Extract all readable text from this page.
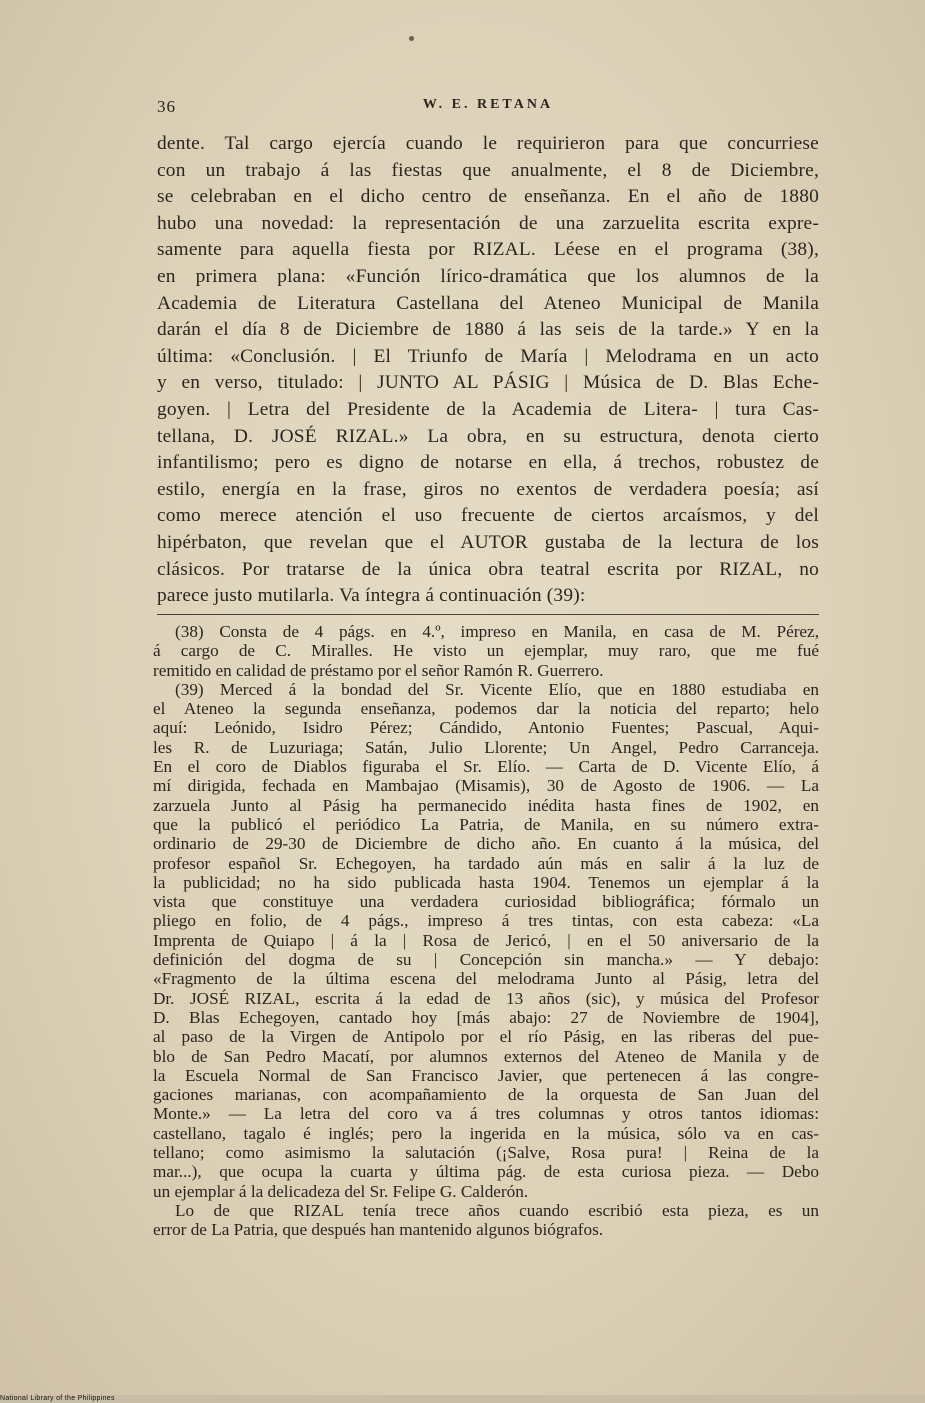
36	W. E. RETANA
dente. Tal cargo ejercía cuando le requirieron para que concurriese
con un trabajo á las fiestas que anualmente, el 8 de Diciembre,
se celebraban en el dicho centro de enseñanza. En el año de 1880
hubo una novedad: la representación de una zarzuelita escrita expre-
samente para aquella fiesta por RIZAL. Léese en el programa (38),
en primera plana: «Función lírico-dramática que los alumnos de la
Academia de Literatura Castellana del Ateneo Municipal de Manila
darán el día 8 de Diciembre de 1880 á las seis de la tarde.» Y en la
última: «Conclusión. | El Triunfo de María | Melodrama en un acto
y en verso, titulado: | JUNTO AL PÁSIG | Música de D. Blas Eche-
goyen. | Letra del Presidente de la Academia de Litera- | tura Cas-
tellana, D. JOSÉ RIZAL.» La obra, en su estructura, denota cierto
infantilismo; pero es digno de notarse en ella, á trechos, robustez de
estilo, energía en la frase, giros no exentos de verdadera poesía; así
como merece atención el uso frecuente de ciertos arcaísmos, y del
hipérbaton, que revelan que el AUTOR gustaba de la lectura de los
clásicos. Por tratarse de la única obra teatral escrita por RIZAL, no
parece justo mutilarla. Va íntegra á continuación (39):
(38) Consta de 4 págs. en 4.º, impreso en Manila, en casa de M. Pérez,
á cargo de C. Miralles. He visto un ejemplar, muy raro, que me fué
remitido en calidad de préstamo por el señor Ramón R. Guerrero.
(39) Merced á la bondad del Sr. Vicente Elío, que en 1880 estudiaba en
el Ateneo la segunda enseñanza, podemos dar la noticia del reparto; helo
aquí: Leónido, Isidro Pérez; Cándido, Antonio Fuentes; Pascual, Aqui-
les R. de Luzuriaga; Satán, Julio Llorente; Un Angel, Pedro Carranceja.
En el coro de Diablos figuraba el Sr. Elío. — Carta de D. Vicente Elío, á
mí dirigida, fechada en Mambajao (Misamis), 30 de Agosto de 1906. — La
zarzuela Junto al Pásig ha permanecido inédita hasta fines de 1902, en
que la publicó el periódico La Patria, de Manila, en su número extra-
ordinario de 29-30 de Diciembre de dicho año. En cuanto á la música, del
profesor español Sr. Echegoyen, ha tardado aún más en salir á la luz de
la publicidad; no ha sido publicada hasta 1904. Tenemos un ejemplar á la
vista que constituye una verdadera curiosidad bibliográfica; fórmalo un
pliego en folio, de 4 págs., impreso á tres tintas, con esta cabeza: «La
Imprenta de Quiapo | á la | Rosa de Jericó, | en el 50 aniversario de la
definición del dogma de su | Concepción sin mancha.» — Y debajo:
«Fragmento de la última escena del melodrama Junto al Pásig, letra del
Dr. JOSÉ RIZAL, escrita á la edad de 13 años (sic), y música del Profesor
D. Blas Echegoyen, cantado hoy [más abajo: 27 de Noviembre de 1904],
al paso de la Virgen de Antipolo por el río Pásig, en las riberas del pue-
blo de San Pedro Macatí, por alumnos externos del Ateneo de Manila y de
la Escuela Normal de San Francisco Javier, que pertenecen á las congre-
gaciones marianas, con acompañamiento de la orquesta de San Juan del
Monte.» — La letra del coro va á tres columnas y otros tantos idiomas:
castellano, tagalo é inglés; pero la ingerida en la música, sólo va en cas-
tellano; como asimismo la salutación (¡Salve, Rosa pura! | Reina de la
mar...), que ocupa la cuarta y última pág. de esta curiosa pieza. — Debo
un ejemplar á la delicadeza del Sr. Felipe G. Calderón.
Lo de que RIZAL tenía trece años cuando escribió esta pieza, es un
error de La Patria, que después han mantenido algunos biógrafos.
National Library of the Philippines
